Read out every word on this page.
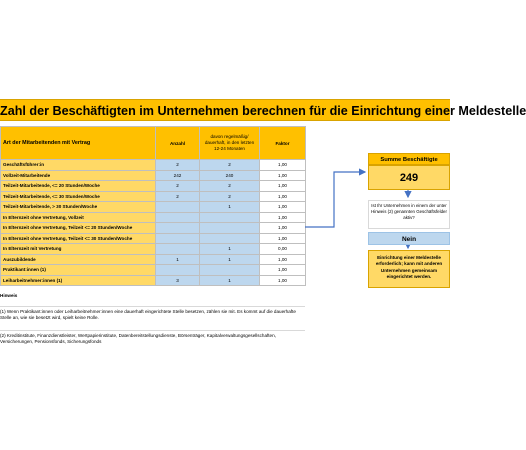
Zahl der Beschäftigten im Unternehmen berechnen für die Einrichtung einer Meldestelle
Art der Mitarbeitenden mit Vertrag	Anzahl	davon regelmäßig/ dauerhaft, in den letzten 12-24 Monaten	Faktor
Geschäftsführer:in	2	2	1,00
Vollzeit-Mitarbeitende	242	240	1,00
Teilzeit-Mitarbeitende, <= 20 Stunden/Woche	2	2	1,00
Teilzeit-Mitarbeitende, <= 30 Stunden/Woche	2	2	1,00
Teilzeit-Mitarbeitende, > 30 Stunden/Woche		1	1,00
In Elternzeit ohne Vertretung, Vollzeit			1,00
In Elternzeit ohne Vertretung, Teilzeit <= 20 Stunden/Woche			1,00
In Elternzeit ohne Vertretung, Teilzeit <= 30 Stunden/Woche			1,00
In Elternzeit mit Vertretung		1	0,00
Auszubildende	1	1	1,00
Praktikant:innen (1)			1,00
Leiharbeitnehmer:innen (1)	3	1	1,00
Hinweis
(1) Wenn Praktikant:innen oder Leiharbeitnehmer:innen eine dauerhaft eingerichtete Stelle besetzen, zählen sie mit. Es kommt auf die dauerhafte Stelle an, wie sie besetzt wird, spielt keine Rolle.
(2) Kreditinstitute, Finanzdienstleister, Wertpapierinstitute, Datenbereitstellungsdienste, Börsenträger, Kapitalverwaltungsgesellschaften, Versicherungen, Pensionsfonds, Sicherungsfonds
Summe Beschäftigte
249
Ist Ihr Unternehmen in einem der unter Hinweis (2) genannten Geschäftsfelder aktiv?
Nein
Einrichtung einer Meldestelle erforderlich; kann mit anderen Unternehmen gemeinsam eingerichtet werden.
